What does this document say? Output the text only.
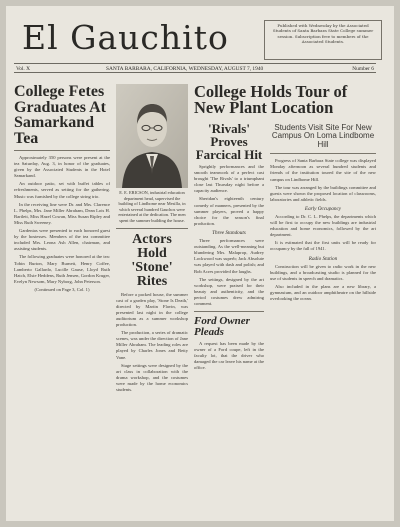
El Gauchito	Published with Wednesday by the Associated Students of Santa Barbara State College summer session. Subscription free to members of the Associated Students.
Vol. X	SANTA BARBARA, CALIFORNIA, WEDNESDAY, AUGUST 7, 1940	Number 6
College Fetes Graduates At Samarkand Tea

Approximately 350 persons were present at the tea Saturday, Aug. 3, in honor of the graduates, given by the Associated Students in the Hotel Samarkand.

An outdoor patio, set with buffet tables of refreshments, served as setting for the gathering. Music was furnished by the college string trio.

In the receiving line were Dr. and Mrs. Clarence L. Phelps, Mrs. Jane Miller Abraham, Dean Lois H. Bartlett, Miss Hazel Cowan, Miss Susan Ripley and Miss Ruth Sweeney.

Gardenias were presented to each honored guest by the hostesses. Members of the tea committee included Mrs. Leona Ash Allen, chairman, and assisting students.

The following graduates were honored at the tea: Tobin Burton, Mary Burnett, Henry Coffee, Lamberto Gallardo, Lucille Gause, Lloyd Ruth Hatch, Elsie Heddens, Ruth Jensen, Gordon Kruger, Evelyn Newsom, Mary Nyborg, John Peterson.

(Continued on Page 3, Col. 1)

E. E. ERICSON, industrial education department head, supervised the building of Lindbome near Mesilla, in which several hundred Gauchos were entertained at the dedication. The men spent the summer building the house.
Actors Hold 'Stone' Rites

Before a packed house, the summer cast of a garden play, 'Stone Is Death,' directed by Martin Flavin, was presented last night in the college auditorium as a summer workshop production.

The production, a series of dramatic scenes, was under the direction of Jane Miller Abraham. The leading roles are played by Charles Jones and Betty Vane.

Stage settings were designed by the art class in collaboration with the drama workshop, and the costumes were made by the home economics students.

College Holds Tour of New Plant Location
'Rivals' Proves Farcical Hit

Sprightly performances and the smooth teamwork of a perfect cast brought 'The Rivals' to a triumphant close last Thursday night before a capacity audience.

Sheridan's eighteenth century comedy of manners, presented by the summer players, proved a happy choice for the season's final production.

Three Standouts

Three performances were outstanding. As the well-meaning but blundering Mrs. Malaprop, Audrey Lockwood was superb; Jack Absolute was played with dash and polish; and Bob Acres provided the laughs.

The settings, designed by the art workshop, were praised for their beauty and authenticity, and the period costumes drew admiring comment.

Ford Owner Pleads

A request has been made by the owner of a Ford coupe, left in the faculty lot, that the driver who damaged the car leave his name at the office.

Students Visit Site For New Campus On Loma Lindbome Hill

Progress of Santa Barbara State college was displayed Monday afternoon as several hundred students and friends of the institution toured the site of the new campus on Lindbome Hill.

The tour was arranged by the buildings committee and guests were shown the proposed location of classrooms, laboratories and athletic fields.

Early Occupancy

According to Dr. C. L. Phelps, the departments which will be first to occupy the new buildings are industrial education and home economics, followed by the art department.

It is estimated that the first units will be ready for occupancy by the fall of 1941.

Radio Station

Construction will be given to radio work in the new buildings, and a broadcasting studio is planned for the use of students in speech and dramatics.

Also included in the plans are a new library, a gymnasium, and an outdoor amphitheatre on the hillside overlooking the ocean.
